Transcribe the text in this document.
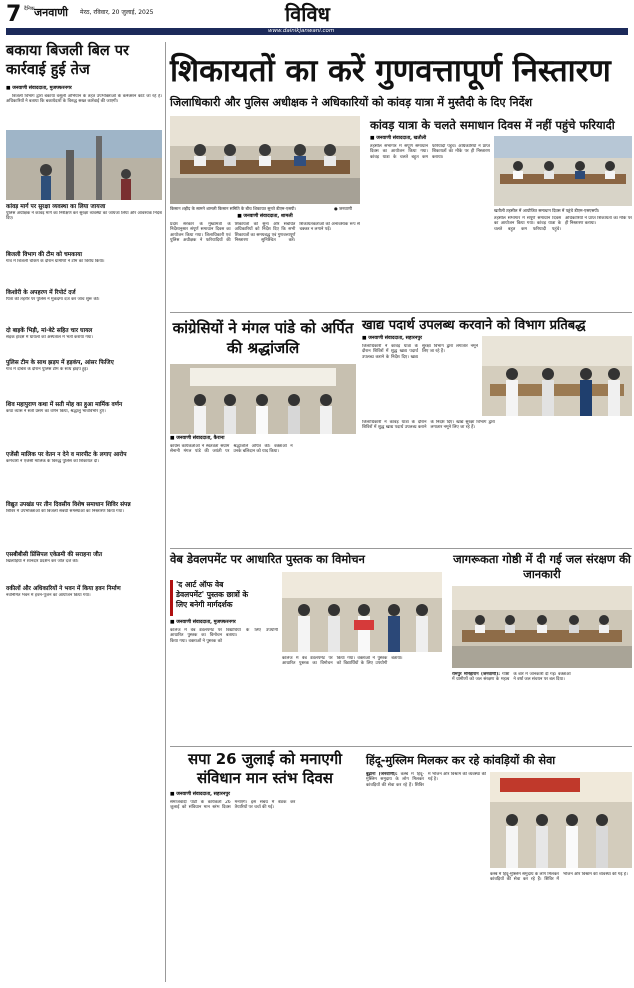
7 दैनिक जनवाणी मेरठ, रविवार, 20 जुलाई, 2025	विविध
www.dainikjanwani.com
शिकायतों का करें गुणवत्तापूर्ण निस्तारण
जिलाधिकारी और पुलिस अधीक्षक ने अधिकारियों को कांवड़ यात्रा में मुस्तैदी के दिए निर्देश
बकाया बिजली बिल पर
कार्रवाई हुई तेज
■ जनवाणी संवाददाता, मुजफ्फरनगर

बिजली विभाग द्वारा बकाया वसूली अभियान के तहत उपभोक्ताओं के कनेक्शन काटे जा रहे हैं। अधिकारियों ने बताया कि बकायेदारों के विरुद्ध सख्त कार्रवाई की जाएगी।

कांवड़ मार्ग पर सुरक्षा व्यवस्था का लिया जायजा
पुलिस अधीक्षक ने कांवड़ मार्ग का निरीक्षण कर सुरक्षा व्यवस्था का जायजा लिया और आवश्यक निर्देश दिए।
बिजली विभाग की टीम को चमकाया
गांव में बिजली चेकिंग के दौरान ग्रामीणों ने टीम का विरोध किया।
किशोरी के अपहरण में रिपोर्ट दर्ज
पिता की तहरीर पर पुलिस ने मुकदमा दर्ज कर जांच शुरू की।
दो बाइकें भिड़ी, मां-बेटे सहित चार घायल
सड़क हादसे में घायलों को अस्पताल में भर्ती कराया गया।
पुलिस टीम के साथ झड़प में हड़कंप, आंसर फिजिए
गांव में दबिश के दौरान पुलिस टीम के साथ झड़प हुई।
शिव महापुराण कथा में सती मोह का हुआ मार्मिक वर्णन
कथा व्यास ने सती प्रसंग का वर्णन किया, श्रद्धालु भावविभोर हुए।
एजेंसी मालिक पर वेतन न देने व मारपीट के लगाए आरोप
कर्मचारी ने एजेंसी मालिक के विरुद्ध पुलिस को शिकायत दी।
विद्युत उपखंड पर तीन दिवसीय विशेष समाधान शिविर संपन्न
शिविर में उपभोक्ताओं की बिजली संबंधी समस्याओं का निस्तारण किया गया।
एसबीबीसी प्रिंसिपल एकेडमी की सराहना जीत
खिलाड़ियों ने शानदार प्रदर्शन कर जीत दर्ज की।
वकीलों और अधिकारियों ने भवन में किया हवन निर्माण
नवनिर्मित भवन में हवन-पूजन का आयोजन किया गया।
किसान शहीद के सामने शामली किसान समिति के बीच शिकायत सुनते डीएम-एसपी।	● जनवाणी
■ जनवाणी संवाददाता, शामली
प्रदेश सरकार के मुख्यमंत्री के निर्देशानुसार संपूर्ण समाधान दिवस का आयोजन किया गया। जिलाधिकारी एवं पुलिस अधीक्षक ने फरियादियों की शिकायतों को सुना और संबंधित अधिकारियों को निर्देश दिए कि सभी शिकायतों का समयबद्ध एवं गुणवत्तापूर्ण निस्तारण सुनिश्चित करें। शिकायतकर्ताओं को अनावश्यक रूप से चक्कर न लगाने पड़ें।
कांवड़ यात्रा के चलते समाधान दिवस में नहीं पहुंचे फरियादी
■ जनवाणी संवाददाता, खतौली
तहसील सभागार में संपूर्ण समाधान दिवस का आयोजन किया गया। कांवड़ यात्रा के चलते बहुत कम फरियादी पहुंचे। अधिकारियों ने प्राप्त शिकायतों का मौके पर ही निस्तारण कराया।
खतौली तहसील में आयोजित समाधान दिवस में पहुंचे डीएम-एसएसपी।
तहसील सभागार में संपूर्ण समाधान दिवस का आयोजन किया गया। कांवड़ यात्रा के चलते बहुत कम फरियादी पहुंचे। अधिकारियों ने प्राप्त शिकायतों का मौके पर ही निस्तारण कराया।
कांग्रेसियों ने मंगल पांडे को अर्पित की श्रद्धांजलि
■ जनवाणी संवाददाता, कैराना
कांग्रेस कार्यकर्ताओं ने स्वतंत्रता संग्राम सेनानी मंगल पांडे की जयंती पर श्रद्धांजलि अर्पित की। वक्ताओं ने उनके बलिदान को याद किया।
खाद्य पदार्थ उपलब्ध करवाने को विभाग प्रतिबद्ध
■ जनवाणी संवाददाता, सहारनपुर
जिलाधिकारी ने कांवड़ यात्रा के दौरान शिविरों में शुद्ध खाद्य पदार्थ उपलब्ध कराने के निर्देश दिए। खाद्य सुरक्षा विभाग द्वारा लगातार नमूने लिए जा रहे हैं।
जिलाधिकारी ने कांवड़ यात्रा के दौरान शिविरों में शुद्ध खाद्य पदार्थ उपलब्ध कराने के निर्देश दिए। खाद्य सुरक्षा विभाग द्वारा लगातार नमूने लिए जा रहे हैं।
वेब डेवलपमेंट पर आधारित पुस्तक का विमोचन
'द आर्ट ऑफ वेब
डेवलपमेंट' पुस्तक छात्रों के
लिए बनेगी मार्गदर्शक
■ जनवाणी संवाददाता, मुजफ्फरनगर
कॉलेज में वेब डेवलपमेंट पर आधारित पुस्तक का विमोचन किया गया। वक्ताओं ने पुस्तक को विद्यार्थियों के लिए उपयोगी बताया।
कॉलेज में वेब डेवलपमेंट पर आधारित पुस्तक का विमोचन किया गया। वक्ताओं ने पुस्तक को विद्यार्थियों के लिए उपयोगी बताया।
जागरूकता गोष्ठी में दी गई जल संरक्षण की जानकारी
रामपुर मनिहारान (जनवाणी): गोष्ठी में ग्रामीणों को जल संरक्षण के महत्व के बारे में जानकारी दी गई। वक्ताओं ने वर्षा जल संचयन पर बल दिया।
सपा 26 जुलाई को मनाएगी
संविधान मान स्तंभ दिवस
■ जनवाणी संवाददाता, सहारनपुर
समाजवादी पार्टी के कार्यकर्ता 26 जुलाई को संविधान मान स्तंभ दिवस मनाएंगे। इस संबंध में बैठक कर तैयारियों पर चर्चा की गई।
हिंदू-मुस्लिम मिलकर कर रहे कांवड़ियों की सेवा
बुढ़ाना (जनवाणी): कस्बे में हिंदू-मुस्लिम समुदाय के लोग मिलकर कांवड़ियों की सेवा कर रहे हैं। शिविर में भोजन और विश्राम की व्यवस्था की गई है।
कस्बे में हिंदू-मुस्लिम समुदाय के लोग मिलकर कांवड़ियों की सेवा कर रहे हैं। शिविर में भोजन और विश्राम की व्यवस्था की गई है।
